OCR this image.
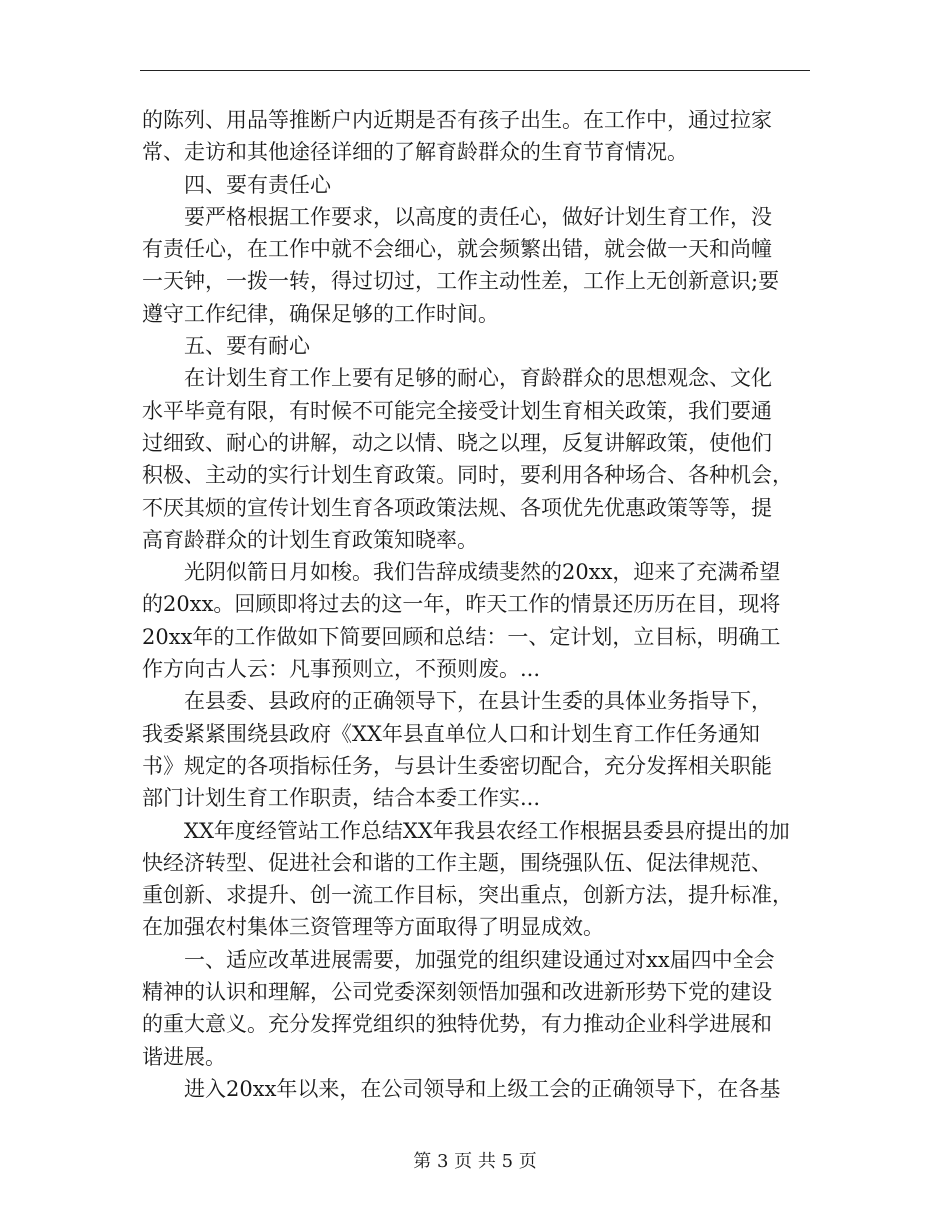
的陈列、用品等推断户内近期是否有孩子出生。在工作中，通过拉家
常、走访和其他途径详细的了解育龄群众的生育节育情况。
四、要有责任心
要严格根据工作要求，以高度的责任心，做好计划生育工作，没
有责任心，在工作中就不会细心，就会频繁出错，就会做一天和尚幢
一天钟，一拨一转，得过切过，工作主动性差，工作上无创新意识;要
遵守工作纪律，确保足够的工作时间。
五、要有耐心
在计划生育工作上要有足够的耐心，育龄群众的思想观念、文化
水平毕竟有限，有时候不可能完全接受计划生育相关政策，我们要通
过细致、耐心的讲解，动之以情、晓之以理，反复讲解政策，使他们
积极、主动的实行计划生育政策。同时，要利用各种场合、各种机会，
不厌其烦的宣传计划生育各项政策法规、各项优先优惠政策等等，提
高育龄群众的计划生育政策知晓率。
光阴似箭日月如梭。我们告辞成绩斐然的20xx，迎来了充满希望
的20xx。回顾即将过去的这一年，昨天工作的情景还历历在目，现将
20xx年的工作做如下简要回顾和总结：一、定计划，立目标，明确工
作方向古人云：凡事预则立，不预则废。...
在县委、县政府的正确领导下，在县计生委的具体业务指导下，
我委紧紧围绕县政府《XX年县直单位人口和计划生育工作任务通知
书》规定的各项指标任务，与县计生委密切配合，充分发挥相关职能
部门计划生育工作职责，结合本委工作实...
XX年度经管站工作总结XX年我县农经工作根据县委县府提出的加
快经济转型、促进社会和谐的工作主题，围绕强队伍、促法律规范、
重创新、求提升、创一流工作目标，突出重点，创新方法，提升标准，
在加强农村集体三资管理等方面取得了明显成效。
一、适应改革进展需要，加强党的组织建设通过对xx届四中全会
精神的认识和理解，公司党委深刻领悟加强和改进新形势下党的建设
的重大意义。充分发挥党组织的独特优势，有力推动企业科学进展和
谐进展。
进入20xx年以来，在公司领导和上级工会的正确领导下，在各基
第 3 页 共 5 页
